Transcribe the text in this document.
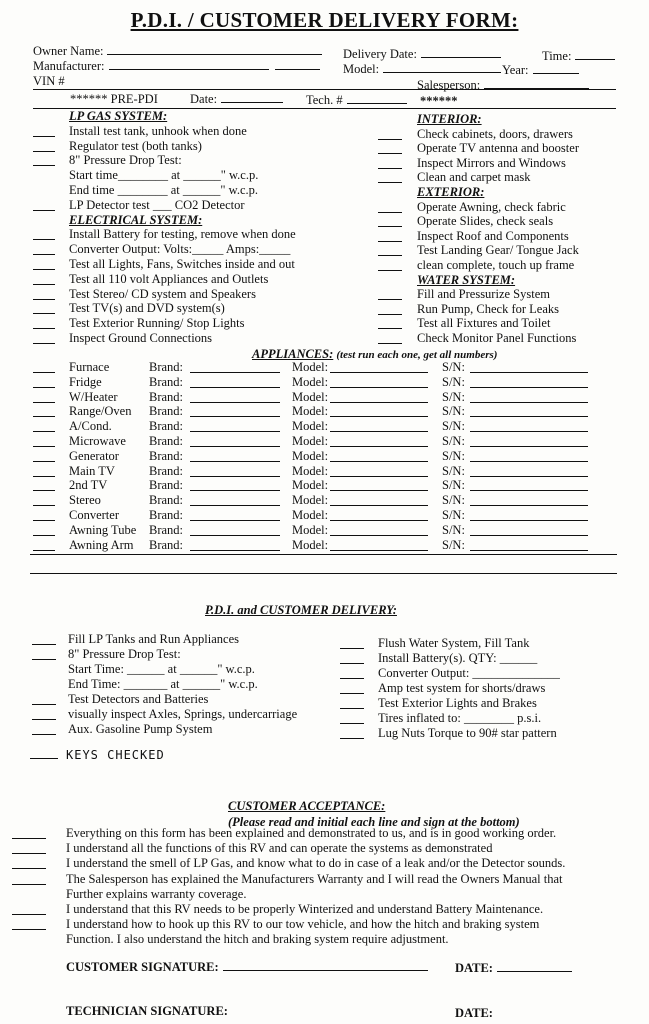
P.D.I. / CUSTOMER DELIVERY FORM:
Owner Name:	Delivery Date:	Time:
Manufacturer:	Model:	Year:
VIN #	Salesperson:
****** PRE-PDI	Date:	Tech. #	******
LP GAS SYSTEM:
Install test tank, unhook when done
Regulator test (both tanks)
8" Pressure Drop Test:
Start time________ at ______" w.c.p.
End time ________ at ______" w.c.p.
LP Detector test ___ CO2 Detector
ELECTRICAL SYSTEM:
Install Battery for testing, remove when done
Converter Output: Volts:_____ Amps:_____
Test all Lights, Fans, Switches inside and out
Test all 110 volt Appliances and Outlets
Test Stereo/ CD system and Speakers
Test TV(s) and DVD system(s)
Test Exterior Running/ Stop Lights
Inspect Ground Connections
INTERIOR:
Check cabinets, doors, drawers
Operate TV antenna and booster
Inspect Mirrors and Windows
Clean and carpet mask
EXTERIOR:
Operate Awning, check fabric
Operate Slides, check seals
Inspect Roof and Components
Test Landing Gear/ Tongue Jack
clean complete, touch up frame
WATER SYSTEM:
Fill and Pressurize System
Run Pump, Check for Leaks
Test all Fixtures and Toilet
Check Monitor Panel Functions
APPLIANCES: (test run each one, get all numbers)
Furnace	Brand:	Model:	S/N:
Fridge	Brand:	Model:	S/N:
W/Heater	Brand:	Model:	S/N:
Range/Oven Brand:	Model:	S/N:
A/Cond.	Brand:	Model:	S/N:
Microwave Brand:	Model:	S/N:
Generator Brand:	Model:	S/N:
Main TV	Brand:	Model:	S/N:
2nd TV	Brand:	Model:	S/N:
Stereo	Brand:	Model:	S/N:
Converter Brand:	Model:	S/N:
Awning Tube Brand:	Model:	S/N:
Awning Arm Brand:	Model:	S/N:
P.D.I. and CUSTOMER DELIVERY:
Fill LP Tanks and Run Appliances
8" Pressure Drop Test:
Start Time: ______ at ______" w.c.p.
End Time: _______ at ______" w.c.p.
Test Detectors and Batteries
visually inspect Axles, Springs, undercarriage
Aux. Gasoline Pump System
Flush Water System, Fill Tank
Install Battery(s). QTY: ______
Converter Output: ______________
Amp test system for shorts/draws
Test Exterior Lights and Brakes
Tires inflated to: ________ p.s.i.
Lug Nuts Torque to 90# star pattern
KEYS CHECKED
CUSTOMER ACCEPTANCE:
(Please read and initial each line and sign at the bottom)
Everything on this form has been explained and demonstrated to us, and is in good working order.
I understand all the functions of this RV and can operate the systems as demonstrated
I understand the smell of LP Gas, and know what to do in case of a leak and/or the Detector sounds.
The Salesperson has explained the Manufacturers Warranty and I will read the Owners Manual that
Further explains warranty coverage.
I understand that this RV needs to be properly Winterized and understand Battery Maintenance.
I understand how to hook up this RV to our tow vehicle, and how the hitch and braking system
Function. I also understand the hitch and braking system require adjustment.
CUSTOMER SIGNATURE:	DATE:
TECHNICIAN SIGNATURE:	DATE:
